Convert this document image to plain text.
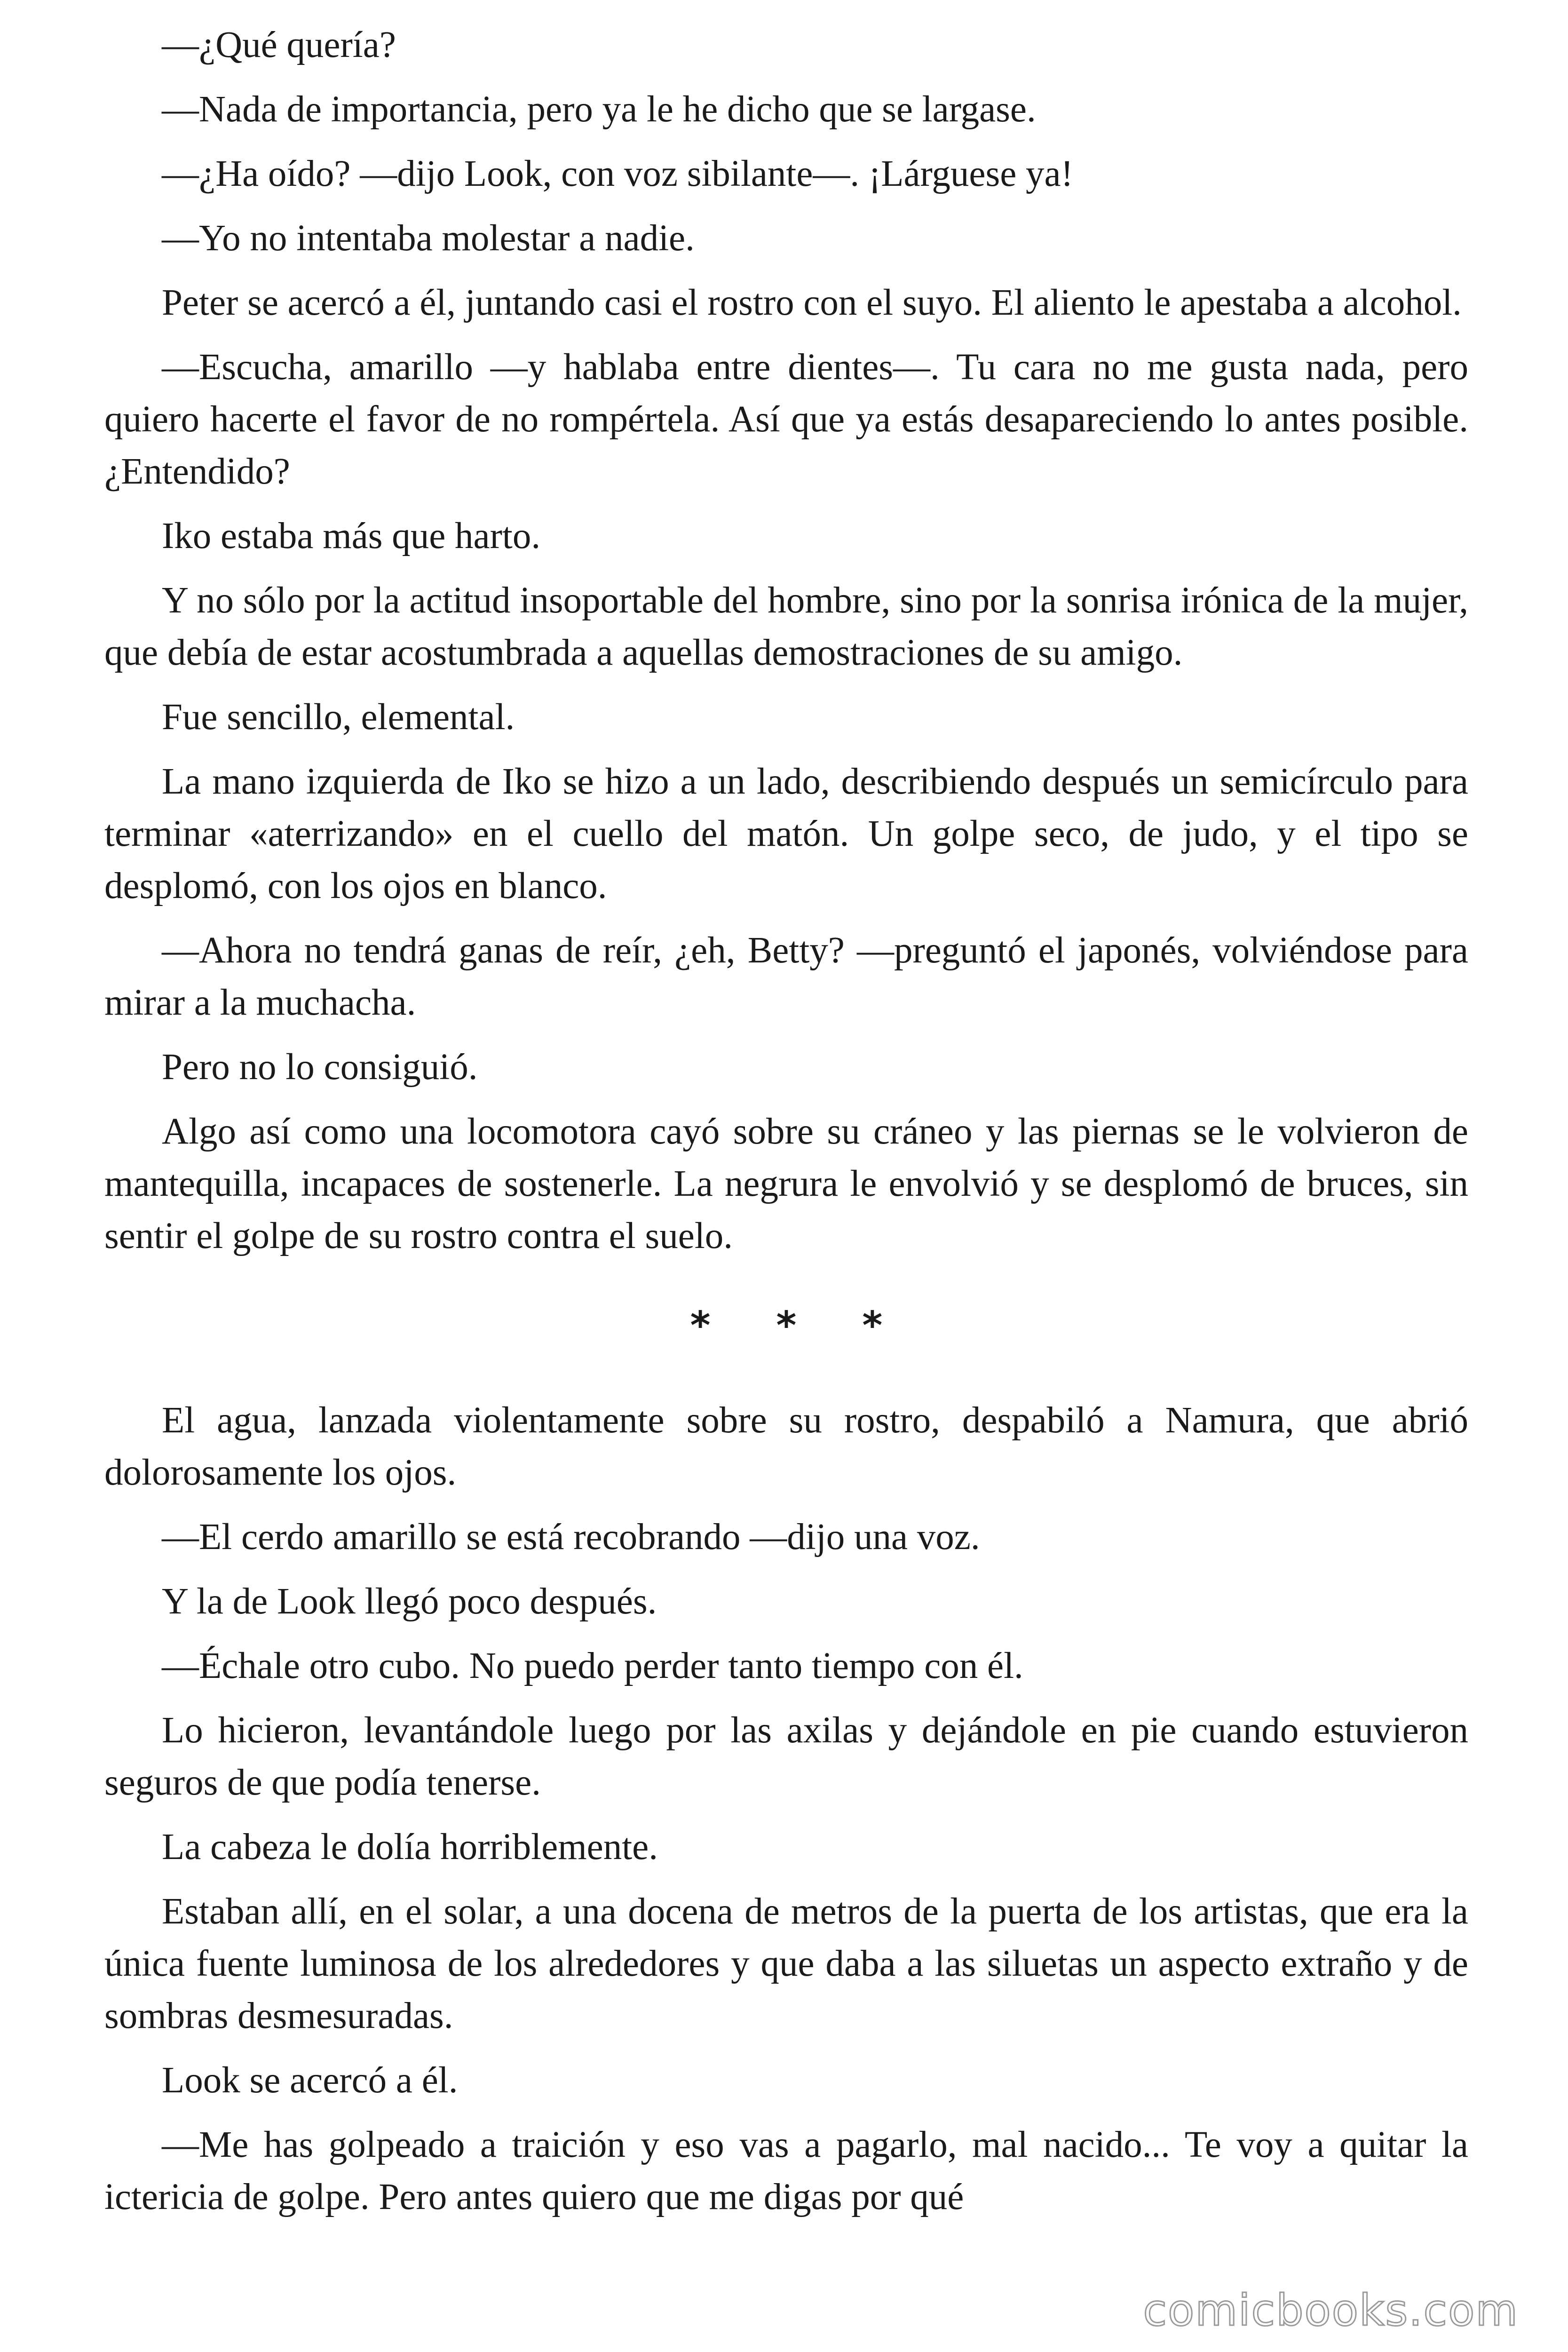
—¿Qué quería?

—Nada de importancia, pero ya le he dicho que se largase.

—¿Ha oído? —dijo Look, con voz sibilante—. ¡Lárguese ya!

—Yo no intentaba molestar a nadie.

Peter se acercó a él, juntando casi el rostro con el suyo. El aliento le apestaba a alcohol.

—Escucha, amarillo —y hablaba entre dientes—. Tu cara no me gusta nada, pero quiero hacerte el favor de no rompértela. Así que ya estás desapareciendo lo antes posible. ¿Entendido?

Iko estaba más que harto.

Y no sólo por la actitud insoportable del hombre, sino por la sonrisa irónica de la mujer, que debía de estar acostumbrada a aquellas demostraciones de su amigo.

Fue sencillo, elemental.

La mano izquierda de Iko se hizo a un lado, describiendo después un semicírculo para terminar «aterrizando» en el cuello del matón. Un golpe seco, de judo, y el tipo se desplomó, con los ojos en blanco.

—Ahora no tendrá ganas de reír, ¿eh, Betty? —preguntó el japonés, volviéndose para mirar a la muchacha.

Pero no lo consiguió.

Algo así como una locomotora cayó sobre su cráneo y las piernas se le volvieron de mantequilla, incapaces de sostenerle. La negrura le envolvió y se desplomó de bruces, sin sentir el golpe de su rostro contra el suelo.

***

El agua, lanzada violentamente sobre su rostro, despabiló a Namura, que abrió dolorosamente los ojos.

—El cerdo amarillo se está recobrando —dijo una voz.

Y la de Look llegó poco después.

—Échale otro cubo. No puedo perder tanto tiempo con él.

Lo hicieron, levantándole luego por las axilas y dejándole en pie cuando estuvieron seguros de que podía tenerse.

La cabeza le dolía horriblemente.

Estaban allí, en el solar, a una docena de metros de la puerta de los artistas, que era la única fuente luminosa de los alrededores y que daba a las siluetas un aspecto extraño y de sombras desmesuradas.

Look se acercó a él.

—Me has golpeado a traición y eso vas a pagarlo, mal nacido... Te voy a quitar la ictericia de golpe. Pero antes quiero que me digas por qué

comicbooks.com
